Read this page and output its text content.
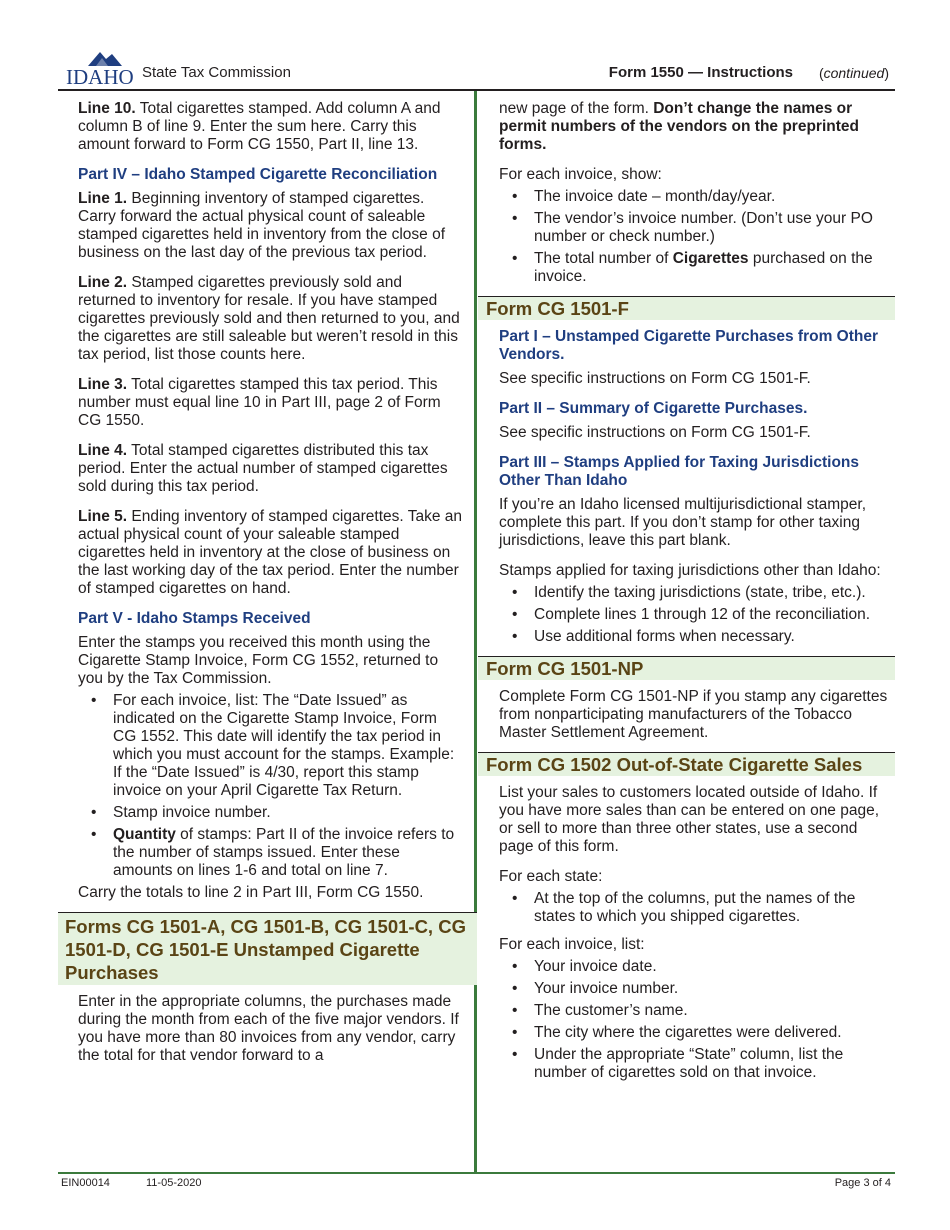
IDAHO State Tax Commission	Form 1550 — Instructions (continued)

Line 10. Total cigarettes stamped. Add column A and column B of line 9. Enter the sum here. Carry this amount forward to Form CG 1550, Part II, line 13.

Part IV – Idaho Stamped Cigarette Reconciliation

Line 1. Beginning inventory of stamped cigarettes. Carry forward the actual physical count of saleable stamped cigarettes held in inventory from the close of business on the last day of the previous tax period.

Line 2. Stamped cigarettes previously sold and returned to inventory for resale. If you have stamped cigarettes previously sold and then returned to you, and the cigarettes are still saleable but weren’t resold in this tax period, list those counts here.

Line 3. Total cigarettes stamped this tax period. This number must equal line 10 in Part III, page 2 of Form CG 1550.

Line 4. Total stamped cigarettes distributed this tax period. Enter the actual number of stamped cigarettes sold during this tax period.

Line 5. Ending inventory of stamped cigarettes. Take an actual physical count of your saleable stamped cigarettes held in inventory at the close of business on the last working day of the tax period. Enter the number of stamped cigarettes on hand.

Part V - Idaho Stamps Received

Enter the stamps you received this month using the Cigarette Stamp Invoice, Form CG 1552, returned to you by the Tax Commission.

• For each invoice, list: The “Date Issued” as indicated on the Cigarette Stamp Invoice, Form CG 1552. This date will identify the tax period in which you must account for the stamps. Example: If the “Date Issued” is 4/30, report this stamp invoice on your April Cigarette Tax Return.
• Stamp invoice number.
• Quantity of stamps: Part II of the invoice refers to the number of stamps issued. Enter these amounts on lines 1-6 and total on line 7.

Carry the totals to line 2 in Part III, Form CG 1550.

Forms CG 1501-A, CG 1501-B, CG 1501-C, CG 1501-D, CG 1501-E Unstamped Cigarette Purchases

Enter in the appropriate columns, the purchases made during the month from each of the five major vendors. If you have more than 80 invoices from any vendor, carry the total for that vendor forward to a

new page of the form. Don’t change the names or permit numbers of the vendors on the preprinted forms.

For each invoice, show:

• The invoice date – month/day/year.
• The vendor’s invoice number. (Don’t use your PO number or check number.)
• The total number of Cigarettes purchased on the invoice.
Form CG 1501-F
Part I – Unstamped Cigarette Purchases from Other Vendors.

See specific instructions on Form CG 1501-F.

Part II – Summary of Cigarette Purchases.

See specific instructions on Form CG 1501-F.

Part III – Stamps Applied for Taxing Jurisdictions Other Than Idaho

If you’re an Idaho licensed multijurisdictional stamper, complete this part. If you don’t stamp for other taxing jurisdictions, leave this part blank.

Stamps applied for taxing jurisdictions other than Idaho:

• Identify the taxing jurisdictions (state, tribe, etc.).
• Complete lines 1 through 12 of the reconciliation.
• Use additional forms when necessary.
Form CG 1501-NP

Complete Form CG 1501-NP if you stamp any cigarettes from nonparticipating manufacturers of the Tobacco Master Settlement Agreement.

Form CG 1502 Out-of-State Cigarette Sales

List your sales to customers located outside of Idaho. If you have more sales than can be entered on one page, or sell to more than three other states, use a second page of this form.

For each state:

• At the top of the columns, put the names of the states to which you shipped cigarettes.

For each invoice, list:

• Your invoice date.
• Your invoice number.
• The customer’s name.
• The city where the cigarettes were delivered.
• Under the appropriate “State” column, list the number of cigarettes sold on that invoice.
EIN00014	11-05-2020	Page 3 of 4
